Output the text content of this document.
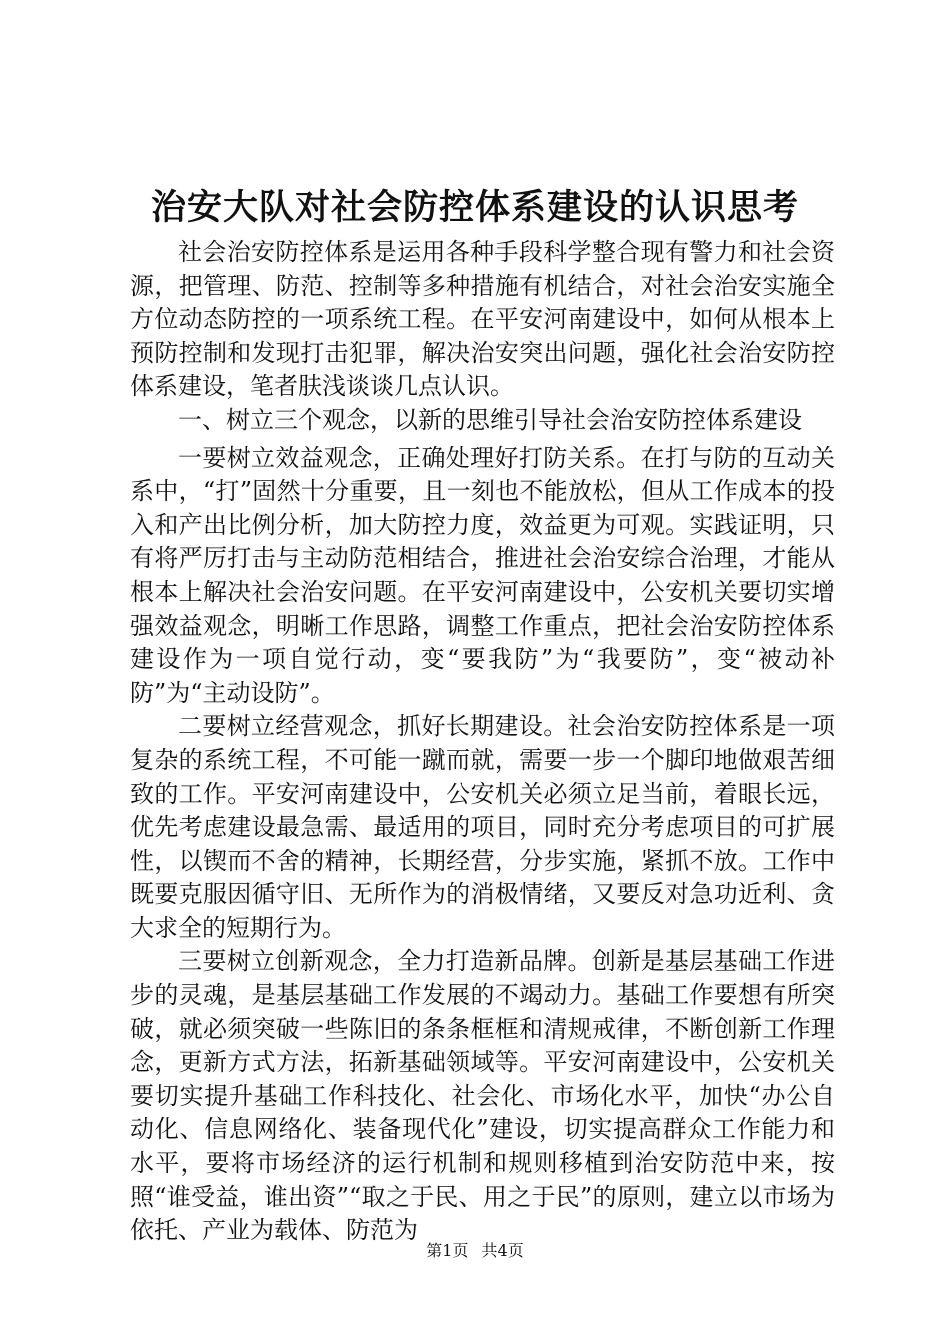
治安大队对社会防控体系建设的认识思考

社会治安防控体系是运用各种手段科学整合现有警力和社会资源，把管理、防范、控制等多种措施有机结合，对社会治安实施全方位动态防控的一项系统工程。在平安河南建设中，如何从根本上预防控制和发现打击犯罪，解决治安突出问题，强化社会治安防控体系建设，笔者肤浅谈谈几点认识。

一、树立三个观念，以新的思维引导社会治安防控体系建设

一要树立效益观念，正确处理好打防关系。在打与防的互动关系中，“打”固然十分重要，且一刻也不能放松，但从工作成本的投入和产出比例分析，加大防控力度，效益更为可观。实践证明，只有将严厉打击与主动防范相结合，推进社会治安综合治理，才能从根本上解决社会治安问题。在平安河南建设中，公安机关要切实增强效益观念，明晰工作思路，调整工作重点，把社会治安防控体系建设作为一项自觉行动，变“要我防”为“我要防”，变“被动补防”为“主动设防”。

二要树立经营观念，抓好长期建设。社会治安防控体系是一项复杂的系统工程，不可能一蹴而就，需要一步一个脚印地做艰苦细致的工作。平安河南建设中，公安机关必须立足当前，着眼长远，优先考虑建设最急需、最适用的项目，同时充分考虑项目的可扩展性，以锲而不舍的精神，长期经营，分步实施，紧抓不放。工作中既要克服因循守旧、无所作为的消极情绪，又要反对急功近利、贪大求全的短期行为。

三要树立创新观念，全力打造新品牌。创新是基层基础工作进步的灵魂，是基层基础工作发展的不竭动力。基础工作要想有所突破，就必须突破一些陈旧的条条框框和清规戒律，不断创新工作理念，更新方式方法，拓新基础领域等。平安河南建设中，公安机关要切实提升基础工作科技化、社会化、市场化水平，加快“办公自动化、信息网络化、装备现代化”建设，切实提高群众工作能力和水平，要将市场经济的运行机制和规则移植到治安防范中来，按照“谁受益，谁出资”“取之于民、用之于民”的原则，建立以市场为依托、产业为载体、防范为

第1页 共4页
